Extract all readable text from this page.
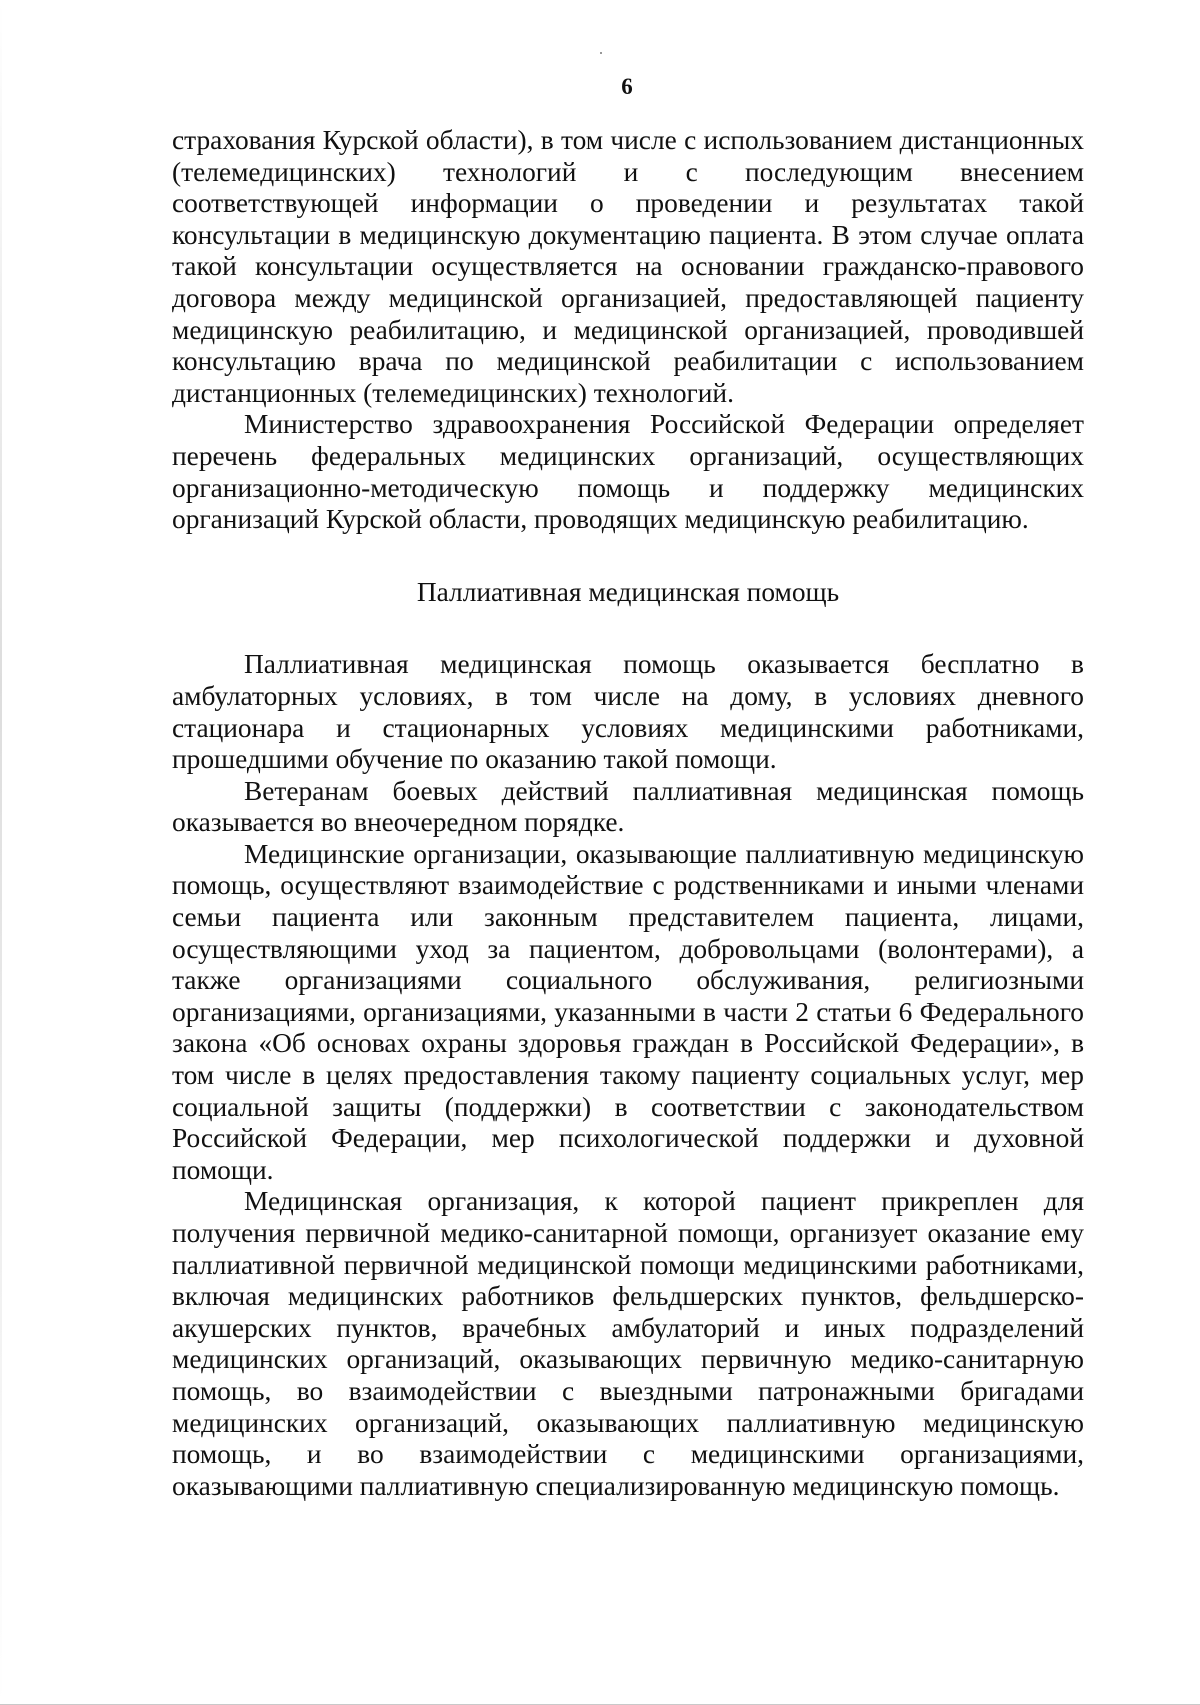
6

страхования Курской области), в том числе с использованием дистанционных (телемедицинских) технологий и с последующим внесением соответствующей информации о проведении и результатах такой консультации в медицинскую документацию пациента. В этом случае оплата такой консультации осуществляется на основании гражданско-правового договора между медицинской организацией, предоставляющей пациенту медицинскую реабилитацию, и медицинской организацией, проводившей консультацию врача по медицинской реабилитации с использованием дистанционных (телемедицинских) технологий.

Министерство здравоохранения Российской Федерации определяет перечень федеральных медицинских организаций, осуществляющих организационно-методическую помощь и поддержку медицинских организаций Курской области, проводящих медицинскую реабилитацию.

Паллиативная медицинская помощь

Паллиативная медицинская помощь оказывается бесплатно в амбулаторных условиях, в том числе на дому, в условиях дневного стационара и стационарных условиях медицинскими работниками, прошедшими обучение по оказанию такой помощи.

Ветеранам боевых действий паллиативная медицинская помощь оказывается во внеочередном порядке.

Медицинские организации, оказывающие паллиативную медицинскую помощь, осуществляют взаимодействие с родственниками и иными членами семьи пациента или законным представителем пациента, лицами, осуществляющими уход за пациентом, добровольцами (волонтерами), а также организациями социального обслуживания, религиозными организациями, организациями, указанными в части 2 статьи 6 Федерального закона «Об основах охраны здоровья граждан в Российской Федерации», в том числе в целях предоставления такому пациенту социальных услуг, мер социальной защиты (поддержки) в соответствии с законодательством Российской Федерации, мер психологической поддержки и духовной помощи.

Медицинская организация, к которой пациент прикреплен для получения первичной медико-санитарной помощи, организует оказание ему паллиативной первичной медицинской помощи медицинскими работниками, включая медицинских работников фельдшерских пунктов, фельдшерско-акушерских пунктов, врачебных амбулаторий и иных подразделений медицинских организаций, оказывающих первичную медико-санитарную помощь, во взаимодействии с выездными патронажными бригадами медицинских организаций, оказывающих паллиативную медицинскую помощь, и во взаимодействии с медицинскими организациями, оказывающими паллиативную специализированную медицинскую помощь.
